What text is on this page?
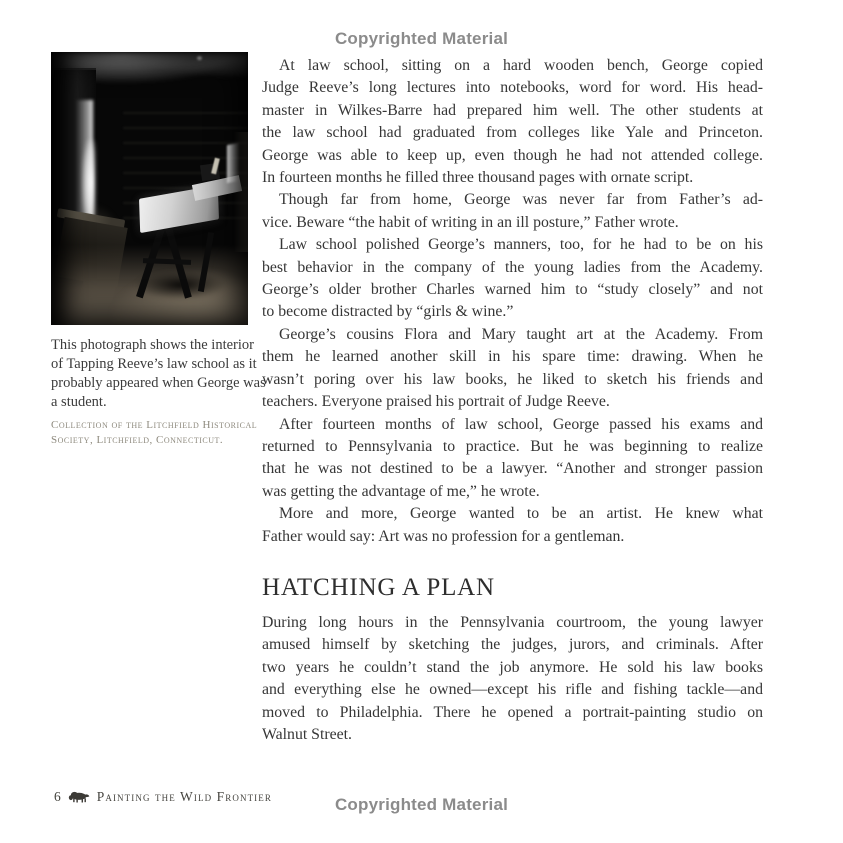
Copyrighted Material
This photograph shows the interior
of Tapping Reeve’s law school as it
probably appeared when George was
a student.
Collection of the Litchfield Historical
Society, Litchfield, Connecticut.

At law school, sitting on a hard wooden bench, George copied
Judge Reeve’s long lectures into notebooks, word for word. His head-
master in Wilkes-Barre had prepared him well. The other students at
the law school had graduated from colleges like Yale and Princeton.
George was able to keep up, even though he had not attended college.
In fourteen months he filled three thousand pages with ornate script.

Though far from home, George was never far from Father’s ad-
vice. Beware “the habit of writing in an ill posture,” Father wrote.

Law school polished George’s manners, too, for he had to be on his
best behavior in the company of the young ladies from the Academy.
George’s older brother Charles warned him to “study closely” and not
to become distracted by “girls & wine.”

George’s cousins Flora and Mary taught art at the Academy. From
them he learned another skill in his spare time: drawing. When he
wasn’t poring over his law books, he liked to sketch his friends and
teachers. Everyone praised his portrait of Judge Reeve.

After fourteen months of law school, George passed his exams and
returned to Pennsylvania to practice. But he was beginning to realize
that he was not destined to be a lawyer. “Another and stronger passion
was getting the advantage of me,” he wrote.

More and more, George wanted to be an artist. He knew what
Father would say: Art was no profession for a gentleman.

HATCHING A PLAN

During long hours in the Pennsylvania courtroom, the young lawyer
amused himself by sketching the judges, jurors, and criminals. After
two years he couldn’t stand the job anymore. He sold his law books
and everything else he owned—except his rifle and fishing tackle—and
moved to Philadelphia. There he opened a portrait-painting studio on
Walnut Street.

6	Painting the Wild Frontier	Copyrighted Material
